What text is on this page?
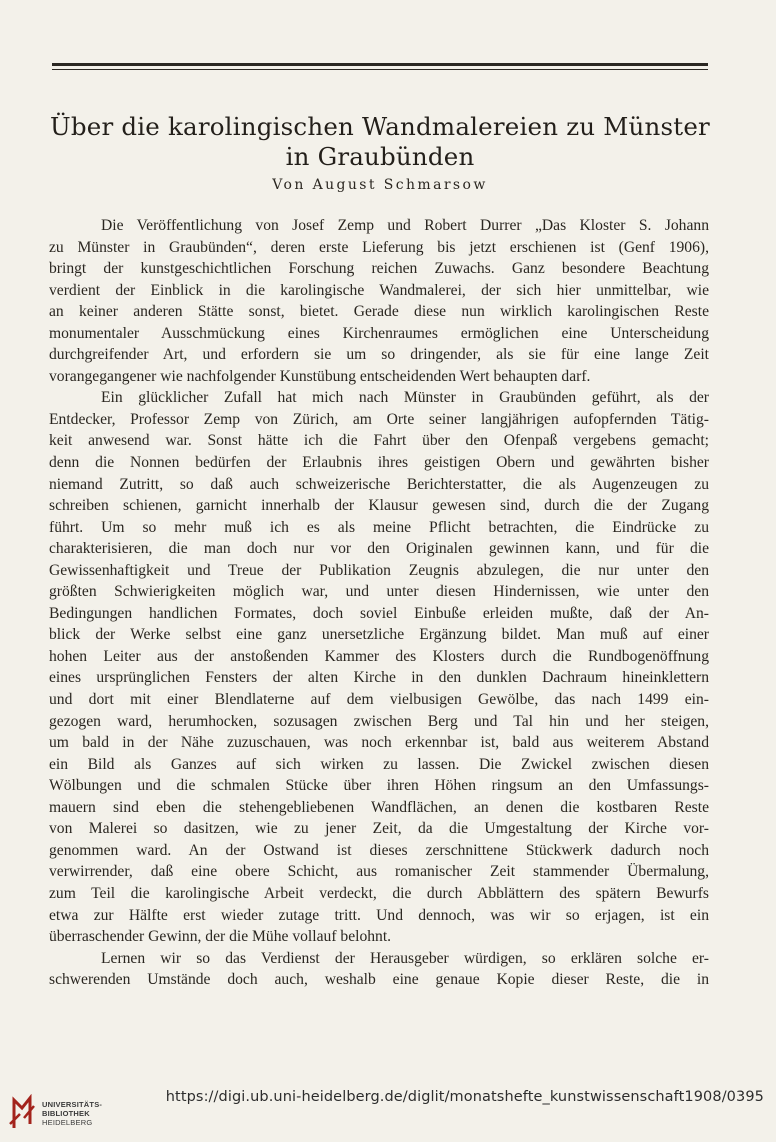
Über die karolingischen Wandmalereien zu Münster
in Graubünden
Von August Schmarsow
Die Veröffentlichung von Josef Zemp und Robert Durrer „Das Kloster S. Johann
zu Münster in Graubünden“, deren erste Lieferung bis jetzt erschienen ist (Genf 1906),
bringt der kunstgeschichtlichen Forschung reichen Zuwachs. Ganz besondere Beachtung
verdient der Einblick in die karolingische Wandmalerei, der sich hier unmittelbar, wie
an keiner anderen Stätte sonst, bietet. Gerade diese nun wirklich karolingischen Reste
monumentaler Ausschmückung eines Kirchenraumes ermöglichen eine Unterscheidung
durchgreifender Art, und erfordern sie um so dringender, als sie für eine lange Zeit
vorangegangener wie nachfolgender Kunstübung entscheidenden Wert behaupten darf.
Ein glücklicher Zufall hat mich nach Münster in Graubünden geführt, als der
Entdecker, Professor Zemp von Zürich, am Orte seiner langjährigen aufopfernden Tätig-
keit anwesend war. Sonst hätte ich die Fahrt über den Ofenpaß vergebens gemacht;
denn die Nonnen bedürfen der Erlaubnis ihres geistigen Obern und gewährten bisher
niemand Zutritt, so daß auch schweizerische Berichterstatter, die als Augenzeugen zu
schreiben schienen, garnicht innerhalb der Klausur gewesen sind, durch die der Zugang
führt. Um so mehr muß ich es als meine Pflicht betrachten, die Eindrücke zu
charakterisieren, die man doch nur vor den Originalen gewinnen kann, und für die
Gewissenhaftigkeit und Treue der Publikation Zeugnis abzulegen, die nur unter den
größten Schwierigkeiten möglich war, und unter diesen Hindernissen, wie unter den
Bedingungen handlichen Formates, doch soviel Einbuße erleiden mußte, daß der An-
blick der Werke selbst eine ganz unersetzliche Ergänzung bildet. Man muß auf einer
hohen Leiter aus der anstoßenden Kammer des Klosters durch die Rundbogenöffnung
eines ursprünglichen Fensters der alten Kirche in den dunklen Dachraum hineinklettern
und dort mit einer Blendlaterne auf dem vielbusigen Gewölbe, das nach 1499 ein-
gezogen ward, herumhocken, sozusagen zwischen Berg und Tal hin und her steigen,
um bald in der Nähe zuzuschauen, was noch erkennbar ist, bald aus weiterem Abstand
ein Bild als Ganzes auf sich wirken zu lassen. Die Zwickel zwischen diesen
Wölbungen und die schmalen Stücke über ihren Höhen ringsum an den Umfassungs-
mauern sind eben die stehengebliebenen Wandflächen, an denen die kostbaren Reste
von Malerei so dasitzen, wie zu jener Zeit, da die Umgestaltung der Kirche vor-
genommen ward. An der Ostwand ist dieses zerschnittene Stückwerk dadurch noch
verwirrender, daß eine obere Schicht, aus romanischer Zeit stammender Übermalung,
zum Teil die karolingische Arbeit verdeckt, die durch Abblättern des spätern Bewurfs
etwa zur Hälfte erst wieder zutage tritt. Und dennoch, was wir so erjagen, ist ein
überraschender Gewinn, der die Mühe vollauf belohnt.
Lernen wir so das Verdienst der Herausgeber würdigen, so erklären solche er-
schwerenden Umstände doch auch, weshalb eine genaue Kopie dieser Reste, die in
UNIVERSITÄTS-
BIBLIOTHEK
HEIDELBERG
https://digi.ub.uni-heidelberg.de/diglit/monatshefte_kunstwissenschaft1908/0395
